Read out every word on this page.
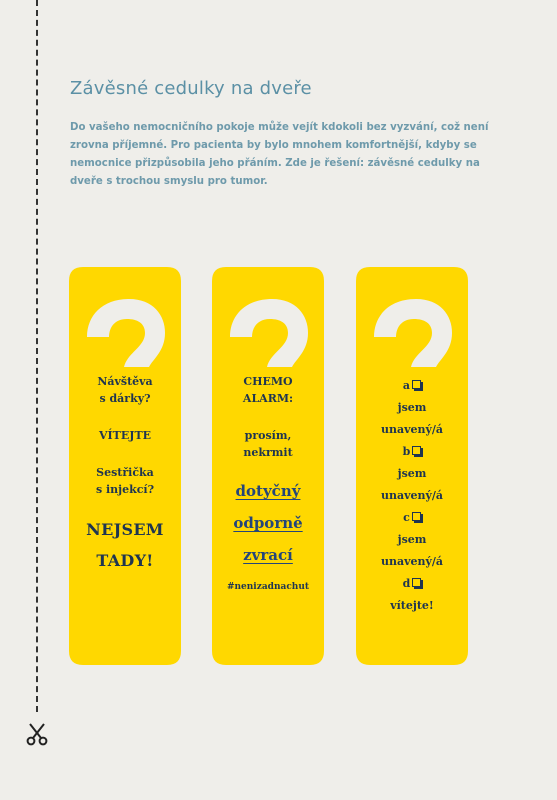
Závěsné cedulky na dveře
Do vašeho nemocničního pokoje může vejít kdokoli bez vyzvání, což není
zrovna příjemné. Pro pacienta by bylo mnohem komfortnější, kdyby se
nemocnice přizpůsobila jeho přáním. Zde je řešení: závěsné cedulky na
dveře s trochou smyslu pro tumor.
Návštěva
s dárky?
VÍTEJTE
Sestřička
s injekcí?
NEJSEM
TADY!
CHEMO
ALARM:
prosím,
nekrmit
dotyčný
odporně
zvrací
#nenizadnachut
a
jsem
unavený/á
b
jsem
unavený/á
c
jsem
unavený/á
d
vítejte!
